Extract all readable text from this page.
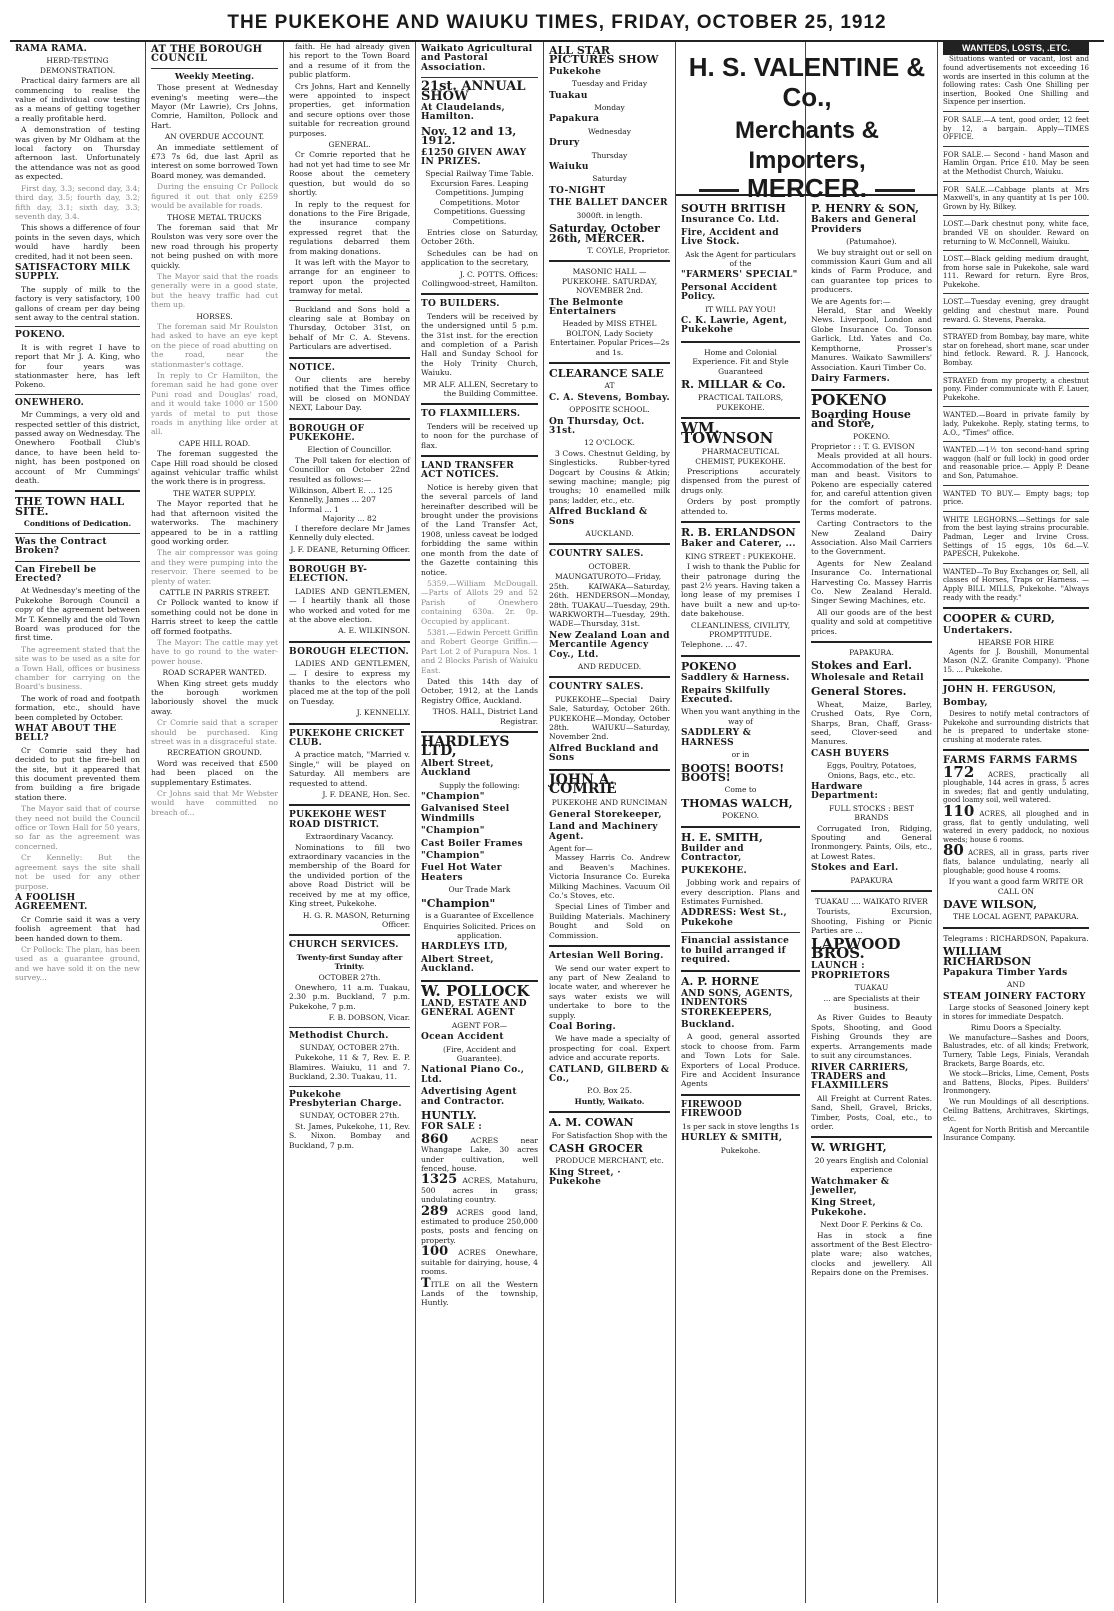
THE PUKEKOHE AND WAIUKU TIMES, FRIDAY, OCTOBER 25, 1912
RAMA RAMA.
HERD-TESTING DEMONSTRATION.

Practical dairy farmers are all commencing to realise the value of individual cow testing as a means of getting together a really profitable herd.

A demonstration of testing was given by Mr Oldham at the local factory on Thursday afternoon last. Unfortunately the attendance was not as good as expected.

First day, 3.3; second day, 3.4; third day, 3.5; fourth day, 3.2; fifth day, 3.1; sixth day, 3.3; seventh day, 3.4.

This shows a difference of four points in the seven days, which would have hardly been credited, had it not been seen.

SATISFACTORY MILK SUPPLY.

The supply of milk to the factory is very satisfactory, 100 gallons of cream per day being sent away to the central station.

POKENO.

It is with regret I have to report that Mr J. A. King, who for four years was stationmaster here, has left Pokeno.

ONEWHERO.

Mr Cummings, a very old and respected settler of this district, passed away on Wednesday. The Onewhero Football Club's dance, to have been held to-night, has been postponed on account of Mr Cummings' death.

THE TOWN HALL SITE.
Conditions of Dedication.
Was the Contract Broken?
Can Firebell be Erected?

At Wednesday's meeting of the Pukekohe Borough Council a copy of the agreement between Mr T. Kennelly and the old Town Board was produced for the first time.

The agreement stated that the site was to be used as a site for a Town Hall, offices or business chamber for carrying on the Board's business.

The work of road and footpath formation, etc., should have been completed by October.

WHAT ABOUT THE BELL?

Cr Comrie said they had decided to put the fire-bell on the site, but it appeared that this document prevented them from building a fire brigade station there.

The Mayor said that of course they need not build the Council office or Town Hall for 50 years, so far as the agreement was concerned.

Cr Kennelly: But the agreement says the site shall not be used for any other purpose.

A FOOLISH AGREEMENT.

Cr Comrie said it was a very foolish agreement that had been handed down to them.

Cr Pollock: The plan, has been used as a guarantee ground, and we have sold it on the new survey...

AT THE BOROUGH COUNCIL
Weekly Meeting.

Those present at Wednesday evening's meeting were—the Mayor (Mr Lawrie), Crs Johns, Comrie, Hamilton, Pollock and Hart.

AN OVERDUE ACCOUNT.

An immediate settlement of £73 7s 6d, due last April as interest on some borrowed Town Board money, was demanded.

During the ensuing Cr Pollock figured it out that only £259 would be available for roads.

THOSE METAL TRUCKS

The foreman said that Mr Roulston was very sore over the new road through his property not being pushed on with more quickly.

The Mayor said that the roads generally were in a good state, but the heavy traffic had cut them up.

HORSES.

The foreman said Mr Roulston had asked to have an eye kept on the piece of road abutting on the road, near the stationmaster's cottage.

In reply to Cr Hamilton, the foreman said he had gone over Puni road and Douglas' road, and it would take 1000 or 1500 yards of metal to put those roads in anything like order at all.

CAPE HILL ROAD.

The foreman suggested the Cape Hill road should be closed against vehicular traffic whilst the work there is in progress.

THE WATER SUPPLY.

The Mayor reported that he had that afternoon visited the waterworks. The machinery appeared to be in a rattling good working order.

The air compressor was going and they were pumping into the reservoir. There seemed to be plenty of water.

CATTLE IN PARRIS STREET.

Cr Pollock wanted to know if something could not be done in Harris street to keep the cattle off formed footpaths.

The Mayor: The cattle may yet have to go round to the water-power house.

ROAD SCRAPER WANTED.

When King street gets muddy the borough workmen laboriously shovel the muck away.

Cr Comrie said that a scraper should be purchased. King street was in a disgraceful state.

RECREATION GROUND.

Word was received that £500 had been placed on the supplementary Estimates.

Cr Johns said that Mr Webster would have committed no breach of...

faith. He had already given his report to the Town Board and a resume of it from the public platform.

Crs Johns, Hart and Kennelly were appointed to inspect properties, get information and secure options over those suitable for recreation ground purposes.

GENERAL.

Cr Comrie reported that he had not yet had time to see Mr Roose about the cemetery question, but would do so shortly.

In reply to the request for donations to the Fire Brigade, the insurance company expressed regret that the regulations debarred them from making donations.

It was left with the Mayor to arrange for an engineer to report upon the projected tramway for metal.

Buckland and Sons hold a clearing sale at Bombay on Thursday, October 31st, on behalf of Mr C. A. Stevens. Particulars are advertised.

NOTICE.

Our clients are hereby notified that the Times office will be closed on MONDAY NEXT, Labour Day.

BOROUGH OF PUKEKOHE.
Election of Councillor.

The Poll taken for election of Councillor on October 22nd resulted as follows:—

Wilkinson, Albert E. ... 125
Kennelly, James ... 207
Informal ... 1
Majority ... 82

I therefore declare Mr James Kennelly duly elected.

J. F. DEANE, Returning Officer.
BOROUGH BY-ELECTION.

LADIES AND GENTLEMEN,— I heartily thank all those who worked and voted for me at the above election.

A. E. WILKINSON.
BOROUGH ELECTION.

LADIES AND GENTLEMEN,— I desire to express my thanks to the electors who placed me at the top of the poll on Tuesday.

J. KENNELLY.
PUKEKOHE CRICKET CLUB.

A practice match, "Married v. Single," will be played on Saturday. All members are requested to attend.

J. F. DEANE, Hon. Sec.
PUKEKOHE WEST ROAD DISTRICT.
Extraordinary Vacancy.

Nominations to fill two extraordinary vacancies in the membership of the Board for the undivided portion of the above Road District will be received by me at my office, King street, Pukekohe.

H. G. R. MASON, Returning Officer.
CHURCH SERVICES.
Twenty-first Sunday after Trinity.
OCTOBER 27th.

Onewhero, 11 a.m. Tuakau, 2.30 p.m. Buckland, 7 p.m. Pukekohe, 7 p.m.

F. B. DOBSON, Vicar.
Methodist Church.
SUNDAY, OCTOBER 27th.

Pukekohe, 11 & 7, Rev. E. P. Blamires. Waiuku, 11 and 7. Buckland, 2.30. Tuakau, 11.

Pukekohe Presbyterian Charge.
SUNDAY, OCTOBER 27th.

St. James, Pukekohe, 11, Rev. S. Nixon. Bombay and Buckland, 7 p.m.

Waikato Agricultural and Pastoral Association.
21st. ANNUAL SHOW
At Claudelands, Hamilton.
Nov. 12 and 13, 1912.
£1250 GIVEN AWAY IN PRIZES.

Special Railway Time Table. Excursion Fares. Leaping Competitions. Jumping Competitions. Motor Competitions. Guessing Competitions.

Entries close on Saturday, October 26th.

Schedules can be had on application to the secretary,

J. C. POTTS. Offices: Collingwood-street, Hamilton.
TO BUILDERS.

Tenders will be received by the undersigned until 5 p.m. the 31st inst. for the erection and completion of a Parish Hall and Sunday School for the Holy Trinity Church, Waiuku.

MR ALF. ALLEN, Secretary to the Building Committee.
TO FLAXMILLERS.

Tenders will be received up to noon for the purchase of flax.

LAND TRANSFER ACT NOTICES.

Notice is hereby given that the several parcels of land hereinafter described will be brought under the provisions of the Land Transfer Act, 1908, unless caveat be lodged forbidding the same within one month from the date of the Gazette containing this notice.

5359.—William McDougall.—Parts of Allots 29 and 52 Parish of Onewhero containing 630a. 2r. 0p. Occupied by applicant.

5381.—Edwin Percett Griffin and Robert George Griffin.—Part Lot 2 of Purapura Nos. 1 and 2 Blocks Parish of Waiuku East.

Dated this 14th day of October, 1912, at the Lands Registry Office, Auckland.

THOS. HALL, District Land Registrar.
HARDLEYS LTD,
Albert Street, Auckland
Supply the following:
"Champion"
Galvanised Steel Windmills
"Champion"
Cast Boiler Frames
"Champion"
Fuel Hot Water Heaters
Our Trade Mark
"Champion"
is a Guarantee of Excellence
Enquiries Solicited. Prices on application.
HARDLEYS LTD,
Albert Street, Auckland.
W. POLLOCK
LAND, ESTATE AND GENERAL AGENT
AGENT FOR—
Ocean Accident
(Fire, Accident and Guarantee).
National Piano Co., Ltd.
Advertising Agent and Contractor.
HUNTLY.
FOR SALE :

860	ACRES near Whangape Lake, 30 acres under cultivation, well fenced, house.

1325 ACRES, Matahuru, 500 acres in grass; undulating country.

289 ACRES good land, estimated to produce 250,000 posts, posts and fencing on property.

100 ACRES Onewhare, suitable for dairying, house, 4 rooms.

TITLE on all the Western Lands of the township, Huntly.

ALL STAR PICTURES SHOW
Pukekohe
Tuesday and Friday
Tuakau
Monday
Papakura
Wednesday
Drury
Thursday
Waiuku
Saturday
TO-NIGHT
THE BALLET DANCER
3000ft. in length.
Saturday, October 26th, MERCER.
T. COYLE, Proprietor.
MASONIC HALL — PUKEKOHE. SATURDAY, NOVEMBER 2nd.
The Belmonte Entertainers
Headed by MISS ETHEL BOLTON, Lady Society Entertainer. Popular Prices—2s and 1s.
CLEARANCE SALE
AT
C. A. Stevens, Bombay.
OPPOSITE SCHOOL.
On Thursday, Oct. 31st.
12 O'CLOCK.

3 Cows. Chestnut Gelding, by Singlesticks. Rubber-tyred Dogcart by Cousins & Atkin; sewing machine; mangle; pig troughs; 10 enamelled milk pans; ladder, etc., etc.

Alfred Buckland & Sons
AUCKLAND.
COUNTRY SALES.
OCTOBER.

MAUNGATUROTO—Friday, 25th. KAIWAKA—Saturday, 26th. HENDERSON—Monday, 28th. TUAKAU—Tuesday, 29th. WARKWORTH—Tuesday, 29th. WADE—Thursday, 31st.

New Zealand Loan and Mercantile Agency Coy., Ltd.
AND REDUCED.
COUNTRY SALES.

PUKEKOHE—Special Dairy Sale, Saturday, October 26th. PUKEKOHE—Monday, October 28th. WAIUKU—Saturday, November 2nd.

Alfred Buckland and Sons
JOHN A. COMRIE
PUKEKOHE AND RUNCIMAN
General Storekeeper,
Land and Machinery Agent.
Agent for—

Massey Harris Co. Andrew and Beaven's Machines. Victoria Insurance Co. Eureka Milking Machines. Vacuum Oil Co.'s Stoves, etc.

Special Lines of Timber and Building Materials. Machinery Bought and Sold on Commission.

Artesian Well Boring.

We send our water expert to any part of New Zealand to locate water, and wherever he says water exists we will undertake to bore to the supply.

Coal Boring.

We have made a specialty of prospecting for coal. Expert advice and accurate reports.

CATLAND, GILBERD & Co.,
P.O. Box 25.
Huntly, Waikato.
A. M. COWAN
For Satisfaction Shop with the
CASH GROCER
PRODUCE MERCHANT, etc.
King Street, · Pukekohe
H. S. VALENTINE & Co.,
Merchants & Importers,
MERCER.
SOUTH BRITISH
Insurance Co. Ltd.
Fire, Accident and Live Stock.
Ask the Agent for particulars of the
"FARMERS' SPECIAL"
Personal Accident Policy.
IT WILL PAY YOU!
C. K. Lawrie, Agent, Pukekohe
Home and Colonial Experience. Fit and Style Guaranteed
R. MILLAR & Co.
PRACTICAL TAILORS,
PUKEKOHE.
WM. TOWNSON
PHARMACEUTICAL CHEMIST, PUKEKOHE.

Prescriptions accurately dispensed from the purest of drugs only.

Orders by post promptly attended to.

R. B. ERLANDSON
Baker and Caterer, ...
KING STREET : PUKEKOHE.

I wish to thank the Public for their patronage during the past 2½ years. Having taken a long lease of my premises I have built a new and up-to-date bakehouse.

CLEANLINESS, CIVILITY, PROMPTITUDE.
Telephone. ... 47.
POKENO
Saddlery & Harness.
Repairs Skilfully Executed.
When you want anything in the way of
SADDLERY & HARNESS
or in
BOOTS! BOOTS! BOOTS!
Come to
THOMAS WALCH,
POKENO.
H. E. SMITH,
Builder and Contractor,
PUKEKOHE.

Jobbing work and repairs of every description. Plans and Estimates Furnished.

ADDRESS: West St., Pukekohe
Financial assistance to build arranged if required.
A. P. HORNE
AND SONS, AGENTS, INDENTORS STOREKEEPERS,
Buckland.

A good, general assorted stock to choose from. Farm and Town Lots for Sale. Exporters of Local Produce. Fire and Accident Insurance Agents

FIREWOOD FIREWOOD
1s per sack in stove lengths 1s
HURLEY & SMITH,
Pukekohe.
P. HENRY & SON,
Bakers and General Providers
(Patumahoe).

We buy straight out or sell on commission Kauri Gum and all kinds of Farm Produce, and can guarantee top prices to producers.

We are Agents for:—

Herald, Star and Weekly News. Liverpool, London and Globe Insurance Co. Tonson Garlick, Ltd. Yates and Co. Kempthorne, Prosser's Manures. Waikato Sawmillers' Association. Kauri Timber Co.

Dairy Farmers.
POKENO
Boarding House and Store,
POKENO.
Proprietor : : T. G. EVISON

Meals provided at all hours. Accommodation of the best for man and beast. Visitors to Pokeno are especially catered for, and careful attention given for the comfort of patrons. Terms moderate.

Carting Contractors to the New Zealand Dairy Association. Also Mail Carriers to the Government.

Agents for New Zealand Insurance Co. International Harvesting Co. Massey Harris Co. New Zealand Herald. Singer Sewing Machines, etc.

All our goods are of the best quality and sold at competitive prices.

PAPAKURA.
Stokes and Earl.
Wholesale and Retail
General Stores.

Wheat, Maize, Barley, Crushed Oats, Rye Corn, Sharps, Bran, Chaff, Grass-seed, Clover-seed and Manures.

CASH BUYERS
Eggs, Poultry, Potatoes, Onions, Bags, etc., etc.
Hardware Department:
FULL STOCKS : BEST BRANDS

Corrugated Iron, Ridging, Spouting and General Ironmongery. Paints, Oils, etc., at Lowest Rates.

Stokes and Earl.
PAPAKURA
TUAKAU .... WAIKATO RIVER

Tourists, Excursion, Shooting, Fishing or Picnic Parties are ...

LAPWOOD BROS.
LAUNCH : PROPRIETORS
TUAKAU
... are Specialists at their business.

As River Guides to Beauty Spots, Shooting, and Good Fishing Grounds they are experts. Arrangements made to suit any circumstances.

RIVER CARRIERS, TRADERS and FLAXMILLERS

All Freight at Current Rates. Sand, Shell, Gravel, Bricks, Timber, Posts, Coal, etc., to order.

W. WRIGHT,
20 years English and Colonial experience
Watchmaker & Jeweller,
King Street, Pukekohe.
Next Door F. Perkins & Co.

Has in stock a fine assortment of the Best Electro-plate ware; also watches, clocks and jewellery. All Repairs done on the Premises.

WANTEDS, LOSTS, .ETC.

Situations wanted or vacant, lost and found advertisements not exceeding 16 words are inserted in this column at the following rates: Cash One Shilling per insertion, Booked One Shilling and Sixpence per insertion.

FOR SALE.—A tent, good order, 12 feet by 12, a bargain. Apply—TIMES OFFICE.

FOR SALE.— Second - hand Mason and Hamlin Organ. Price £10. May be seen at the Methodist Church, Waiuku.

FOR SALE.—Cabbage plants at Mrs Maxwell's, in any quantity at 1s per 100. Grown by Hy. Bilkey.

LOST.—Dark chestnut pony, white face, branded VE on shoulder. Reward on returning to W. McConnell, Waiuku.

LOST.—Black gelding medium draught, from horse sale in Pukekohe, sale ward 111. Reward for return. Eyre Bros, Pukekohe.

LOST.—Tuesday evening, grey draught gelding and chestnut mare. Pound reward. G. Stevens, Paeraka.

STRAYED from Bombay, bay mare, white star on forehead, short mane, scar under hind fetlock. Reward. R. J. Hancock, Bombay.

STRAYED from my property, a chestnut pony. Finder communicate with F. Lauer, Pukekohe.

WANTED.—Board in private family by lady, Pukekohe. Reply, stating terms, to A.O., "Times" office.

WANTED.—1½ ton second-hand spring waggon (half or full lock) in good order and reasonable price.— Apply P. Deane and Son, Patumahoe.

WANTED TO BUY.— Empty bags; top price.

WHITE LEGHORNS.—Settings for sale from the best laying strains procurable. Padman, Leger and Irvine Cross. Settings of 15 eggs, 10s 6d.—V. PAPESCH, Pukekohe.

WANTED—To Buy Exchanges or, Sell, all classes of Horses, Traps or Harness. — Apply BILL MILLS, Pukekohe. "Always ready with the ready."

COOPER & CURD,
Undertakers.
HEARSE FOR HIRE

Agents for J. Boushill, Monumental Mason (N.Z. Granite Company). 'Phone 15. ... Pukekohe.

JOHN H. FERGUSON,
Bombay,

Desires to notify metal contractors of Pukekohe and surrounding districts that he is prepared to undertake stone-crushing at moderate rates.

FARMS FARMS FARMS

172 ACRES, practically all ploughable, 144 acres in grass, 5 acres in swedes; flat and gently undulating, good loamy soil, well watered.

110 ACRES, all ploughed and in grass, flat to gently undulating, well watered in every paddock, no noxious weeds; house 6 rooms.

80 ACRES, all in grass, parts river flats, balance undulating, nearly all ploughable; good house 4 rooms.

If you want a good farm WRITE OR CALL ON
DAVE WILSON,
THE LOCAL AGENT, PAPAKURA.
Telegrams : RICHARDSON, Papakura.
WILLIAM RICHARDSON
Papakura Timber Yards
AND
STEAM JOINERY FACTORY

Large stocks of Seasoned Joinery kept in stores for immediate Despatch.

Rimu Doors a Specialty.

We manufacture—Sashes and Doors, Balustrades, etc. of all kinds; Fretwork, Turnery, Table Legs, Finials, Verandah Brackets, Barge Boards, etc.

We stock—Bricks, Lime, Cement, Posts and Battens, Blocks, Pipes. Builders' Ironmongery.

We run Mouldings of all descriptions. Ceiling Battens, Architraves, Skirtings, etc.

Agent for North British and Mercantile Insurance Company.
